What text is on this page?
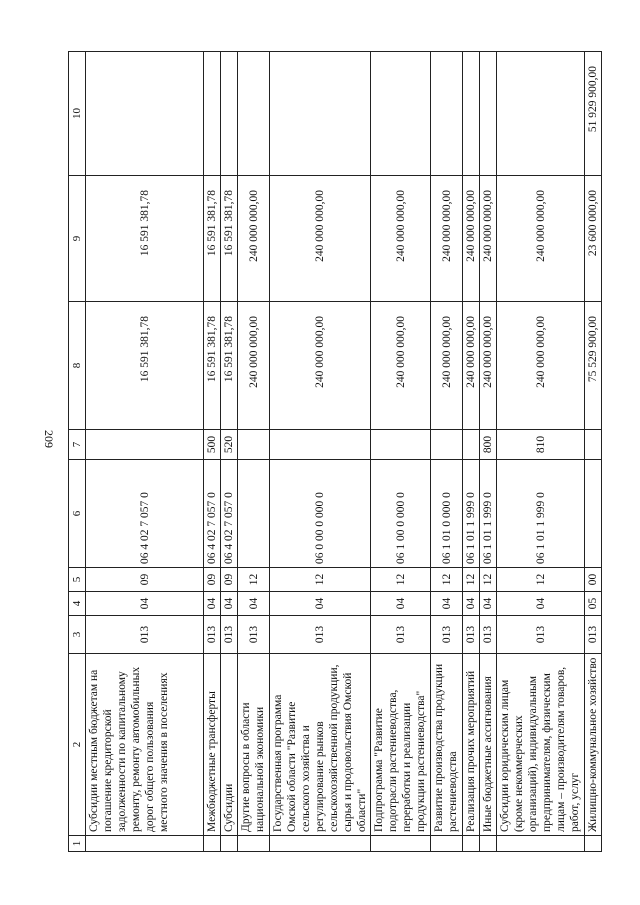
209
1	2	3	4	5	6	7	8	9	10
	Субсидии местным бюджетам на погашение кредиторской задолженности по капитальному ремонту, ремонту автомобильных дорог общего пользования местного значения в поселениях	013	04	09	06 4 02 7 057 0		16 591 381,78	16 591 381,78	
	Межбюджетные трансферты	013	04	09	06 4 02 7 057 0	500	16 591 381,78	16 591 381,78	
	Субсидии	013	04	09	06 4 02 7 057 0	520	16 591 381,78	16 591 381,78	
	Другие вопросы в области национальной экономики	013	04	12			240 000 000,00	240 000 000,00	
	Государственная программа Омской области "Развитие сельского хозяйства и регулирование рынков сельскохозяйственной продукции, сырья и продовольствия Омской области"	013	04	12	06 0 00 0 000 0		240 000 000,00	240 000 000,00	
	Подпрограмма "Развитие подотрасли растениеводства, переработки и реализации продукции растениеводства"	013	04	12	06 1 00 0 000 0		240 000 000,00	240 000 000,00	
	Развитие производства продукции растениеводства	013	04	12	06 1 01 0 000 0		240 000 000,00	240 000 000,00	
	Реализация прочих мероприятий	013	04	12	06 1 01 1 999 0		240 000 000,00	240 000 000,00	
	Иные бюджетные ассигнования	013	04	12	06 1 01 1 999 0	800	240 000 000,00	240 000 000,00	
	Субсидии юридическим лицам (кроме некоммерческих организаций), индивидуальным предпринимателям, физическим лицам – производителям товаров, работ, услуг	013	04	12	06 1 01 1 999 0	810	240 000 000,00	240 000 000,00	
	Жилищно-коммунальное хозяйство	013	05	00			75 529 900,00	23 600 000,00	51 929 900,00
